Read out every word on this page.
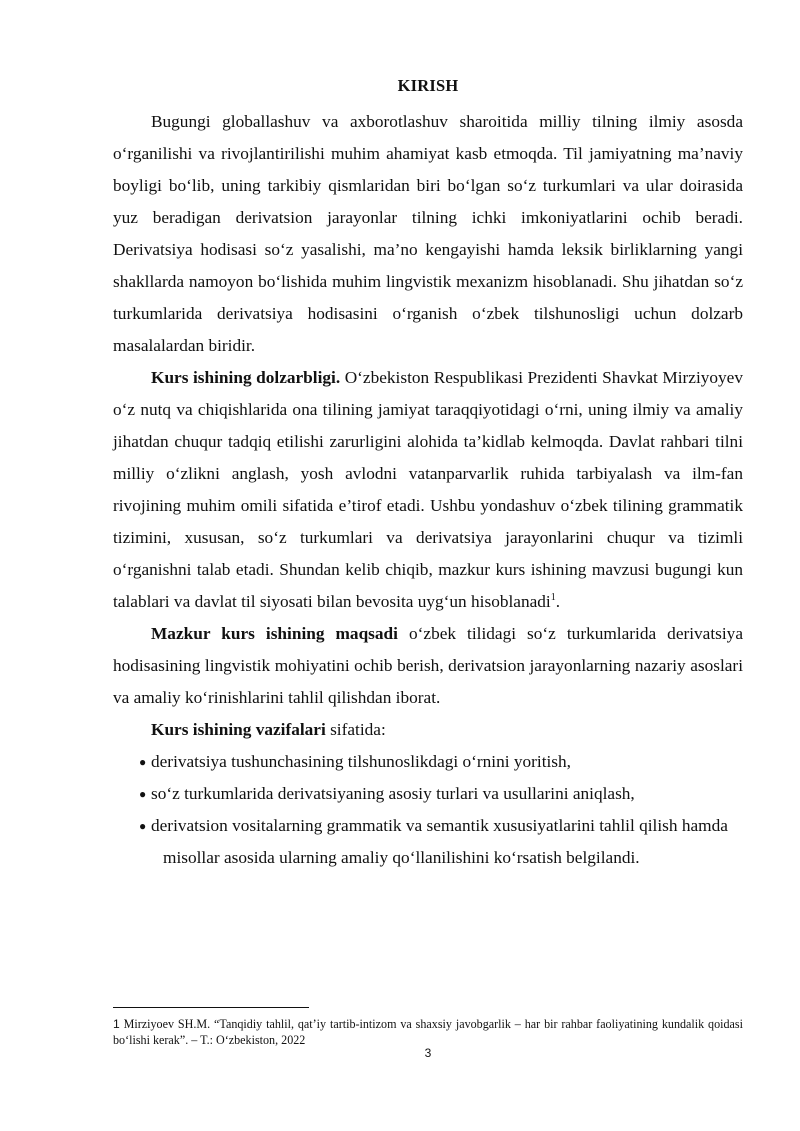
KIRISH

Bugungi globallashuv va axborotlashuv sharoitida milliy tilning ilmiy asosda o‘rganilishi va rivojlantirilishi muhim ahamiyat kasb etmoqda. Til jamiyatning ma’naviy boyligi bo‘lib, uning tarkibiy qismlaridan biri bo‘lgan so‘z turkumlari va ular doirasida yuz beradigan derivatsion jarayonlar tilning ichki imkoniyatlarini ochib beradi. Derivatsiya hodisasi so‘z yasalishi, ma’no kengayishi hamda leksik birliklarning yangi shakllarda namoyon bo‘lishida muhim lingvistik mexanizm hisoblanadi. Shu jihatdan so‘z turkumlarida derivatsiya hodisasini o‘rganish o‘zbek tilshunosligi uchun dolzarb masalalardan biridir.

Kurs ishining dolzarbligi. O‘zbekiston Respublikasi Prezidenti Shavkat Mirziyoyev o‘z nutq va chiqishlarida ona tilining jamiyat taraqqiyotidagi o‘rni, uning ilmiy va amaliy jihatdan chuqur tadqiq etilishi zarurligini alohida ta’kidlab kelmoqda. Davlat rahbari tilni milliy o‘zlikni anglash, yosh avlodni vatanparvarlik ruhida tarbiyalash va ilm-fan rivojining muhim omili sifatida e’tirof etadi. Ushbu yondashuv o‘zbek tilining grammatik tizimini, xususan, so‘z turkumlari va derivatsiya jarayonlarini chuqur va tizimli o‘rganishni talab etadi. Shundan kelib chiqib, mazkur kurs ishining mavzusi bugungi kun talablari va davlat til siyosati bilan bevosita uyg‘un hisoblanadi$^1$.

Mazkur kurs ishining maqsadi o‘zbek tilidagi so‘z turkumlarida derivatsiya hodisasining lingvistik mohiyatini ochib berish, derivatsion jarayonlarning nazariy asoslari va amaliy ko‘rinishlarini tahlil qilishdan iborat.

Kurs ishining vazifalari sifatida:

● derivatsiya tushunchasining tilshunoslikdagi o‘rnini yoritish,
● so‘z turkumlarida derivatsiyaning asosiy turlari va usullarini aniqlash,
● derivatsion vositalarning grammatik va semantik xususiyatlarini tahlil qilish hamda misollar asosida ularning amaliy qo‘llanilishini ko‘rsatish belgilandi.
1 Mirziyoev SH.M. “Tanqidiy tahlil, qat’iy tartib-intizom va shaxsiy javobgarlik – har bir rahbar faoliyatining kundalik qoidasi bo‘lishi kerak”. – T.: O‘zbekiston, 2022
3
